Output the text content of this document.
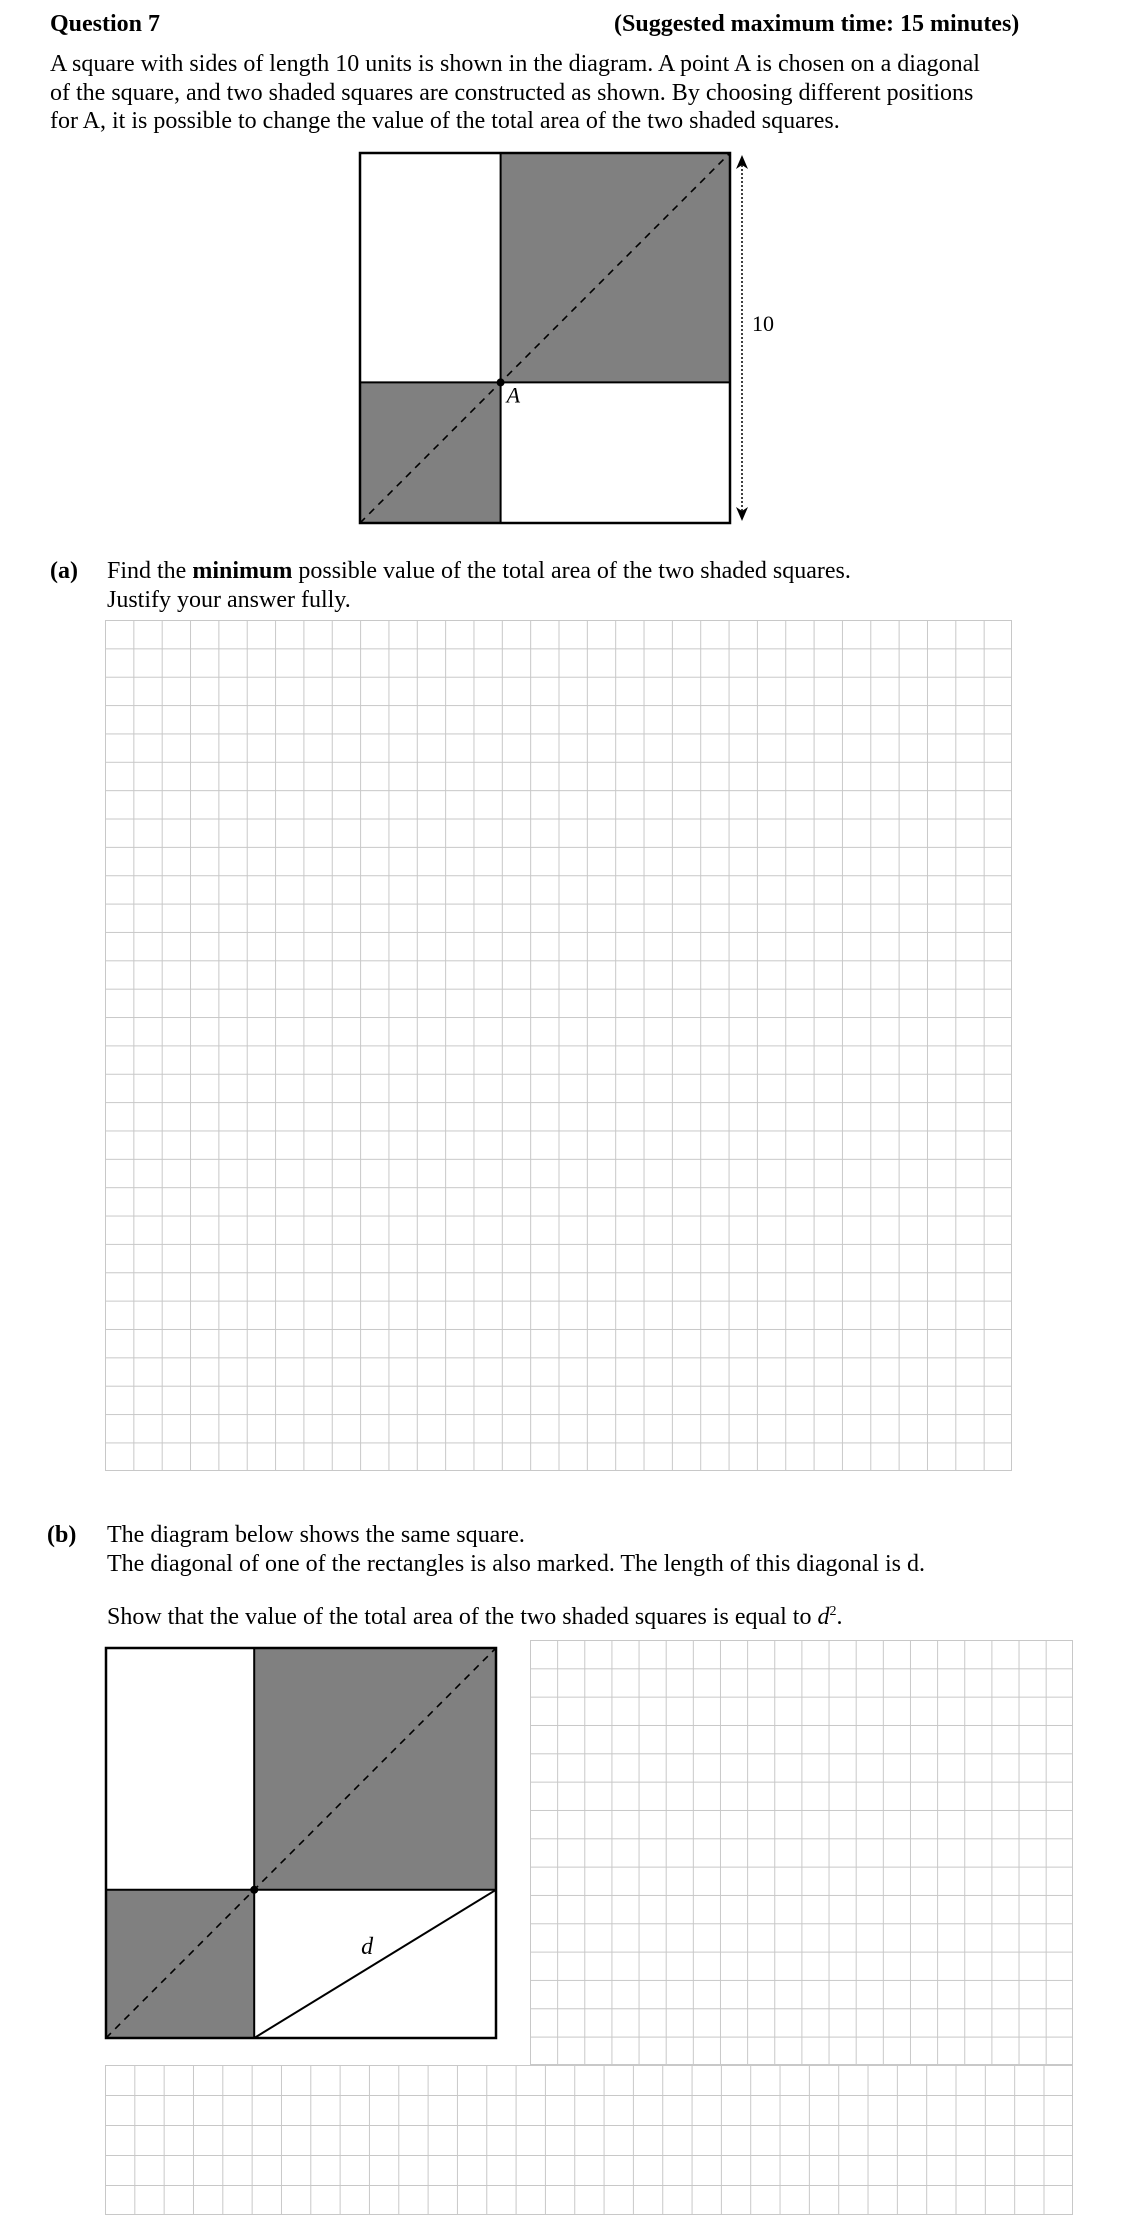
Question 7	(Suggested maximum time: 15 minutes)
A square with sides of length 10 units is shown in the diagram. A point A is chosen on a diagonal
of the square, and two shaded squares are constructed as shown. By choosing different positions
for A, it is possible to change the value of the total area of the two shaded squares.
A
10
(a) Find the minimum possible value of the total area of the two shaded squares.
Justify your answer fully.
(b) The diagram below shows the same square.
The diagonal of one of the rectangles is also marked. The length of this diagonal is d.
Show that the value of the total area of the two shaded squares is equal to $d^2$.
d
